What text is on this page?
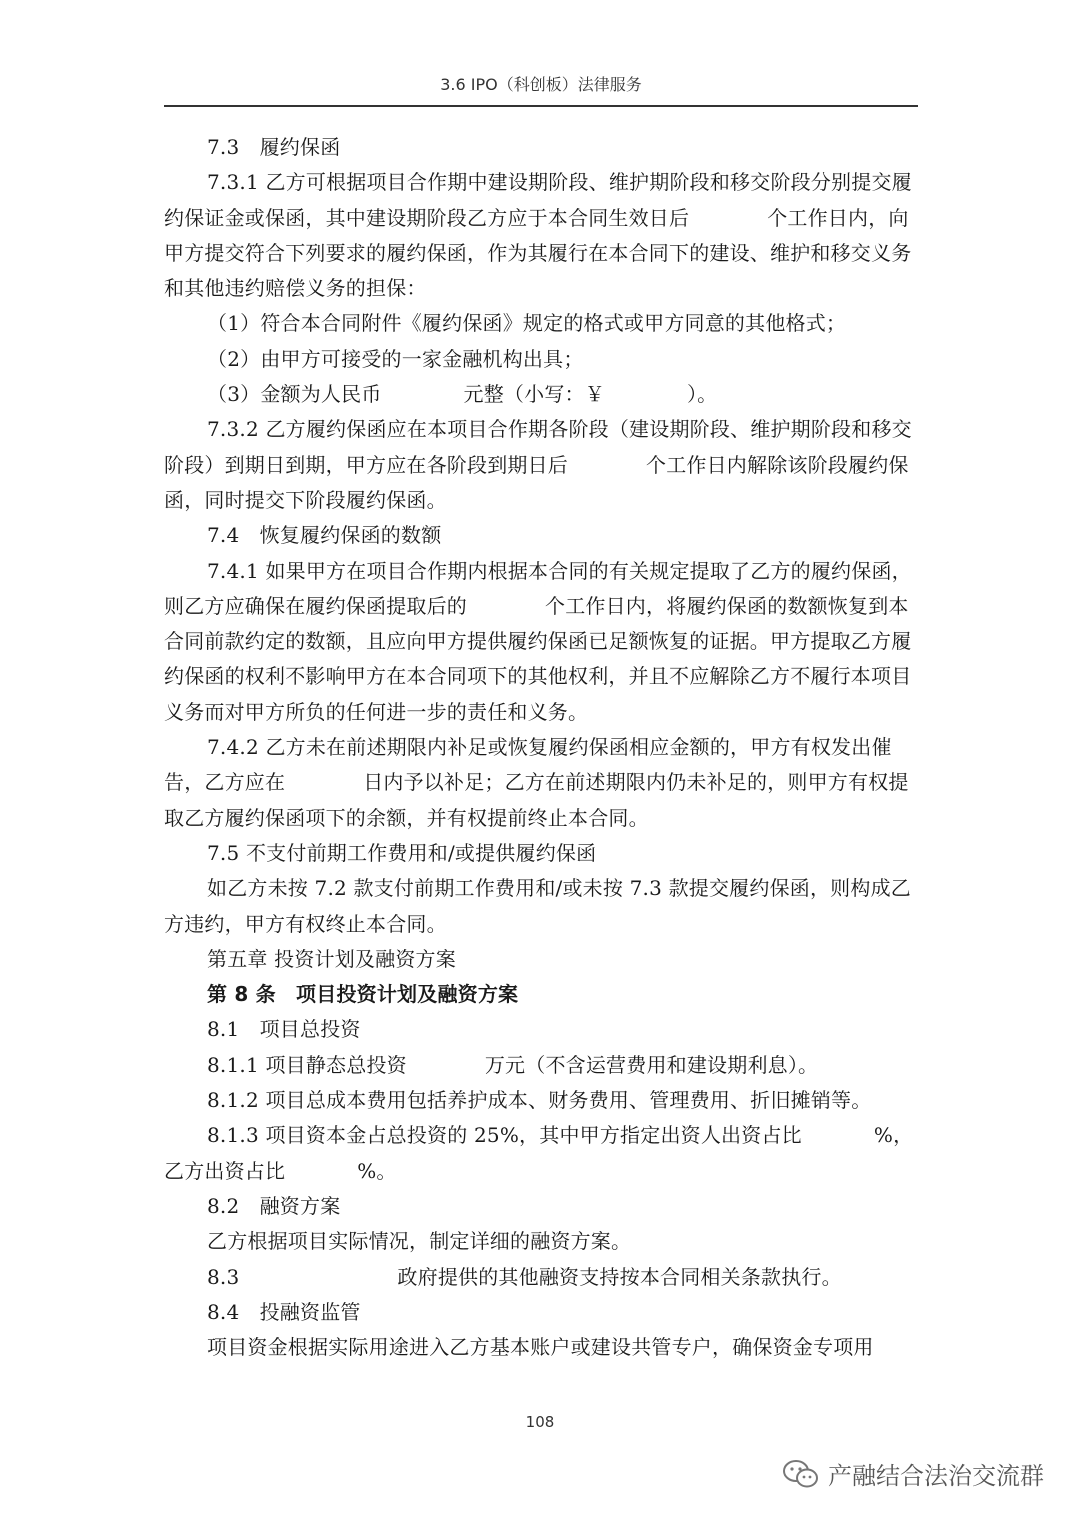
3.6 IPO（科创板）法律服务

7.3　履约保函

7.3.1 乙方可根据项目合作期中建设期阶段、维护期阶段和移交阶段分别提交履约保证金或保函，其中建设期阶段乙方应于本合同生效日后	个工作日内，向甲方提交符合下列要求的履约保函，作为其履行在本合同下的建设、维护和移交义务和其他违约赔偿义务的担保：

（1）符合本合同附件《履约保函》规定的格式或甲方同意的其他格式；

（2）由甲方可接受的一家金融机构出具；

（3）金额为人民币	元整（小写：￥	）。

7.3.2 乙方履约保函应在本项目合作期各阶段（建设期阶段、维护期阶段和移交阶段）到期日到期，甲方应在各阶段到期日后	个工作日内解除该阶段履约保函，同时提交下阶段履约保函。

7.4　恢复履约保函的数额

7.4.1 如果甲方在项目合作期内根据本合同的有关规定提取了乙方的履约保函，则乙方应确保在履约保函提取后的	个工作日内，将履约保函的数额恢复到本合同前款约定的数额，且应向甲方提供履约保函已足额恢复的证据。甲方提取乙方履约保函的权利不影响甲方在本合同项下的其他权利，并且不应解除乙方不履行本项目义务而对甲方所负的任何进一步的责任和义务。

7.4.2 乙方未在前述期限内补足或恢复履约保函相应金额的，甲方有权发出催告，乙方应在	日内予以补足；乙方在前述期限内仍未补足的，则甲方有权提取乙方履约保函项下的余额，并有权提前终止本合同。

7.5 不支付前期工作费用和/或提供履约保函

如乙方未按 7.2 款支付前期工作费用和/或未按 7.3 款提交履约保函，则构成乙方违约，甲方有权终止本合同。

第五章 投资计划及融资方案

第 8 条　项目投资计划及融资方案

8.1　项目总投资

8.1.1 项目静态总投资	万元（不含运营费用和建设期利息）。

8.1.2 项目总成本费用包括养护成本、财务费用、管理费用、折旧摊销等。

8.1.3 项目资本金占总投资的 25%，其中甲方指定出资人出资占比	%，乙方出资占比	%。

8.2　融资方案

乙方根据项目实际情况，制定详细的融资方案。

8.3	政府提供的其他融资支持按本合同相关条款执行。

8.4　投融资监管

项目资金根据实际用途进入乙方基本账户或建设共管专户，确保资金专项用

108
产融结合法治交流群
